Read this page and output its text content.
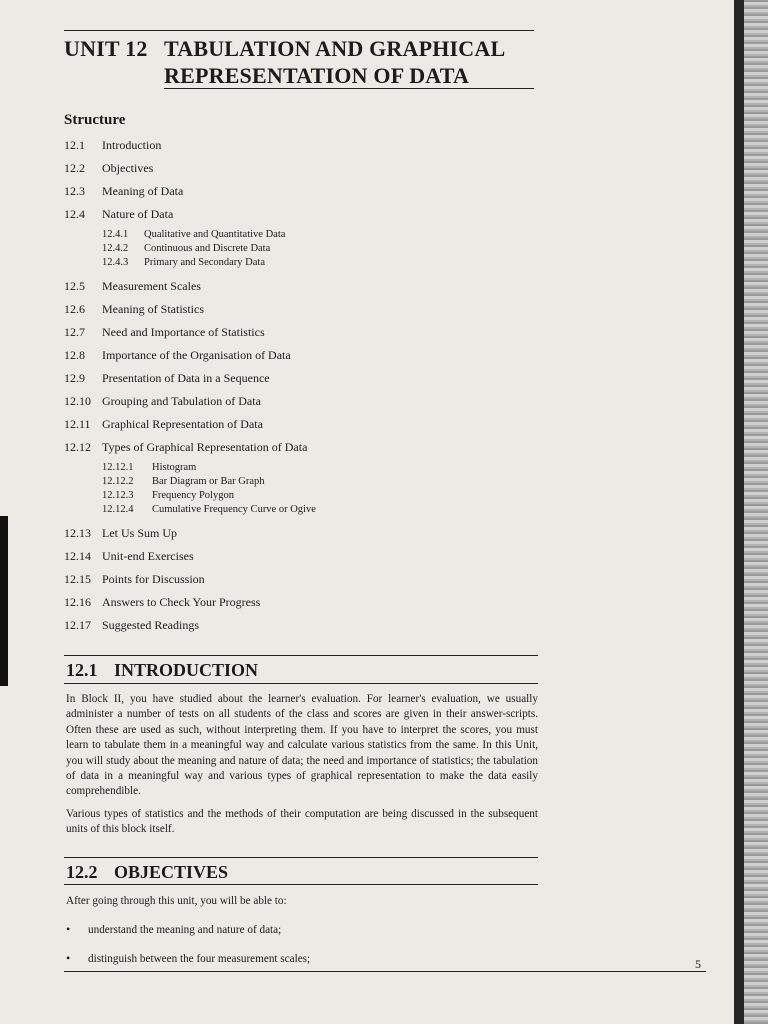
UNIT 12 TABULATION AND GRAPHICAL
REPRESENTATION OF DATA
Structure
12.1 Introduction
12.2 Objectives
12.3 Meaning of Data
12.4 Nature of Data
12.4.1 Qualitative and Quantitative Data
12.4.2 Continuous and Discrete Data
12.4.3 Primary and Secondary Data
12.5 Measurement Scales
12.6 Meaning of Statistics
12.7 Need and Importance of Statistics
12.8 Importance of the Organisation of Data
12.9 Presentation of Data in a Sequence
12.10 Grouping and Tabulation of Data
12.11 Graphical Representation of Data
12.12 Types of Graphical Representation of Data
12.12.1 Histogram
12.12.2 Bar Diagram or Bar Graph
12.12.3 Frequency Polygon
12.12.4 Cumulative Frequency Curve or Ogive
12.13 Let Us Sum Up
12.14 Unit-end Exercises
12.15 Points for Discussion
12.16 Answers to Check Your Progress
12.17 Suggested Readings
12.1 INTRODUCTION
In Block II, you have studied about the learner's evaluation. For learner's evaluation, we usually administer a number of tests on all students of the class and scores are given in their answer-scripts. Often these are used as such, without interpreting them. If you have to interpret the scores, you must learn to tabulate them in a meaningful way and calculate various statistics from the same. In this Unit, you will study about the meaning and nature of data; the need and importance of statistics; the tabulation of data in a meaningful way and various types of graphical representation to make the data easily comprehendible.
Various types of statistics and the methods of their computation are being discussed in the subsequent units of this block itself.
12.2 OBJECTIVES
After going through this unit, you will be able to:
• understand the meaning and nature of data;
• distinguish between the four measurement scales;	5
